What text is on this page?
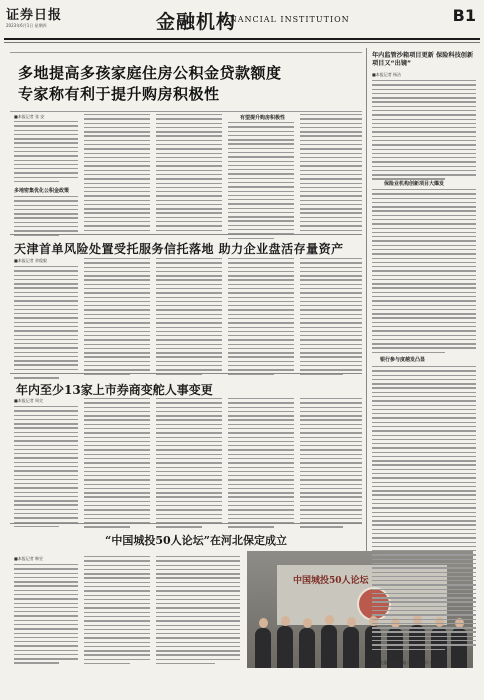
证券日报
2023年6月1日 星期四	金融机构
FINANCIAL INSTITUTION	B1
多地提高多孩家庭住房公积金贷款额度
专家称有利于提升购房积极性
■本报记者 张 安
多地密集优化公积金政策
有望提升购房积极性
天津首单风险处置受托服务信托落地 助力企业盘活存量资产
■本报记者 余俊毅
年内至少13家上市券商变舵人事变更
■本报记者 周尖
“中国城投50人论坛”在河北保定成立
■本报记者 韩昱
中国城投50人论坛
年内监管沙箱项目更新 保险科技创新项目又“出镜”
■本报记者 杨洁
保险业机构创新项目大爆发
银行参与度越发凸显
本版主编 袁元 责 编 白宝玉 制 作 闫 亮
